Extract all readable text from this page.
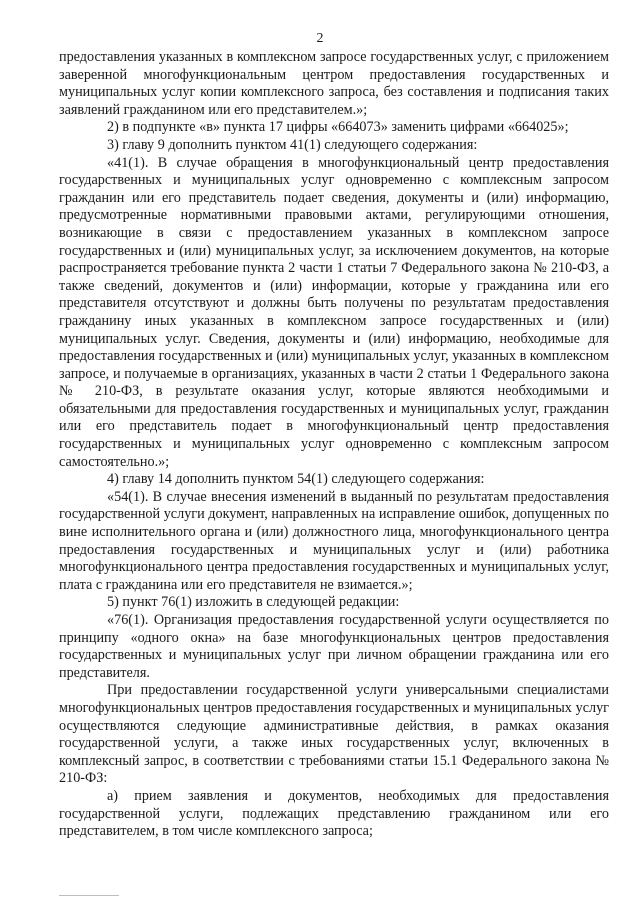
2

предоставления указанных в комплексном запросе государственных услуг, с приложением заверенной многофункциональным центром предоставления государственных и муниципальных услуг копии комплексного запроса, без составления и подписания таких заявлений гражданином или его представителем.»;

2) в подпункте «в» пункта 17 цифры «664073» заменить цифрами «664025»;

3) главу 9 дополнить пунктом 41(1) следующего содержания:

«41(1). В случае обращения в многофункциональный центр предоставления государственных и муниципальных услуг одновременно с комплексным запросом гражданин или его представитель подает сведения, документы и (или) информацию, предусмотренные нормативными правовыми актами, регулирующими отношения, возникающие в связи с предоставлением указанных в комплексном запросе государственных и (или) муниципальных услуг, за исключением документов, на которые распространяется требование пункта 2 части 1 статьи 7 Федерального закона № 210-ФЗ, а также сведений, документов и (или) информации, которые у гражданина или его представителя отсутствуют и должны быть получены по результатам предоставления гражданину иных указанных в комплексном запросе государственных и (или) муниципальных услуг. Сведения, документы и (или) информацию, необходимые для предоставления государственных и (или) муниципальных услуг, указанных в комплексном запросе, и получаемые в организациях, указанных в части 2 статьи 1 Федерального закона № 210-ФЗ, в результате оказания услуг, которые являются необходимыми и обязательными для предоставления государственных и муниципальных услуг, гражданин или его представитель подает в многофункциональный центр предоставления государственных и муниципальных услуг одновременно с комплексным запросом самостоятельно.»;

4) главу 14 дополнить пунктом 54(1) следующего содержания:

«54(1). В случае внесения изменений в выданный по результатам предоставления государственной услуги документ, направленных на исправление ошибок, допущенных по вине исполнительного органа и (или) должностного лица, многофункционального центра предоставления государственных и муниципальных услуг и (или) работника многофункционального центра предоставления государственных и муниципальных услуг, плата с гражданина или его представителя не взимается.»;

5) пункт 76(1) изложить в следующей редакции:

«76(1). Организация предоставления государственной услуги осуществляется по принципу «одного окна» на базе многофункциональных центров предоставления государственных и муниципальных услуг при личном обращении гражданина или его представителя.

При предоставлении государственной услуги универсальными специалистами многофункциональных центров предоставления государственных и муниципальных услуг осуществляются следующие административные действия, в рамках оказания государственной услуги, а также иных государственных услуг, включенных в комплексный запрос, в соответствии с требованиями статьи 15.1 Федерального закона № 210-ФЗ:

а) прием заявления и документов, необходимых для предоставления государственной услуги, подлежащих представлению гражданином или его представителем, в том числе комплексного запроса;
